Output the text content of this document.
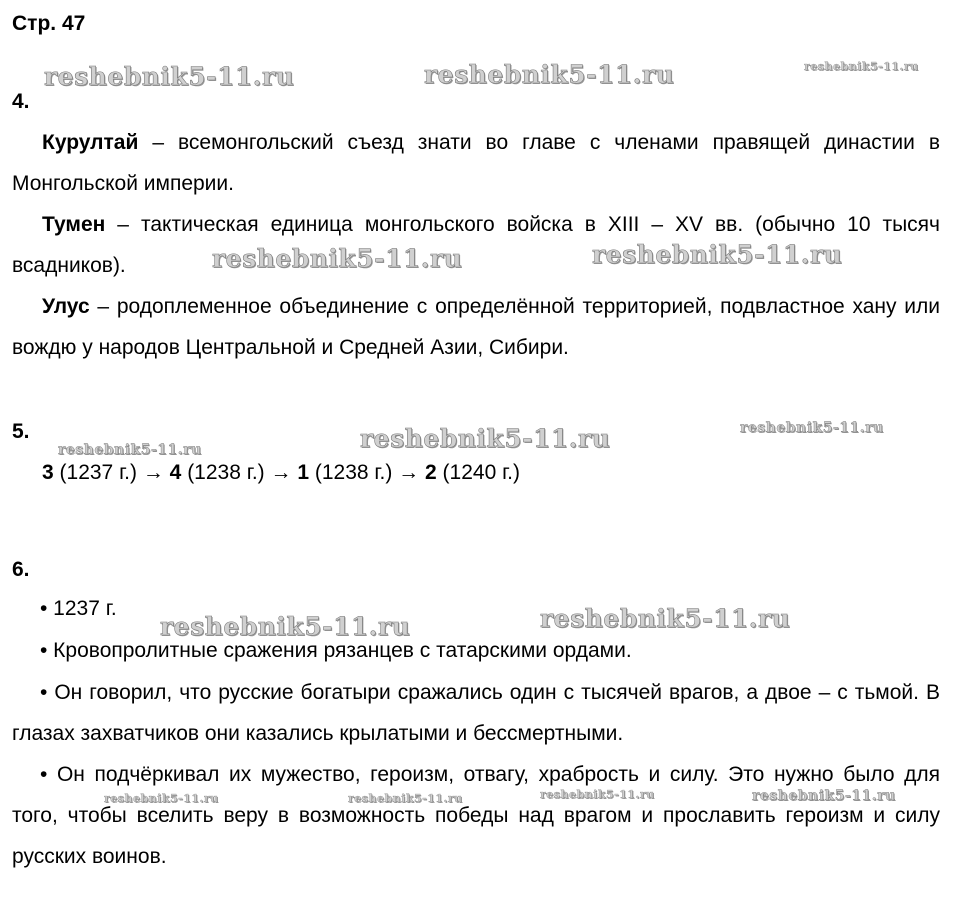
Стр. 47
4.
Курултай – всемонгольский съезд знати во главе с членами правящей династии в Монгольской империи.
Тумен – тактическая единица монгольского войска в XIII – XV вв. (обычно 10 тысяч всадников).
Улус – родоплеменное объединение с определённой территорией, подвластное хану или вождю у народов Центральной и Средней Азии, Сибири.
5.
3 (1237 г.) → 4 (1238 г.) → 1 (1238 г.) → 2 (1240 г.)
6.
• 1237 г.
• Кровопролитные сражения рязанцев с татарскими ордами.
• Он говорил, что русские богатыри сражались один с тысячей врагов, а двое – с тьмой. В глазах захватчиков они казались крылатыми и бессмертными.
• Он подчёркивал их мужество, героизм, отвагу, храбрость и силу. Это нужно было для того, чтобы вселить веру в возможность победы над врагом и прославить героизм и силу русских воинов.
reshebnik5-11.ru	reshebnik5-11.ru	reshebnik5-11.ru
reshebnik5-11.ru	reshebnik5-11.ru
reshebnik5-11.ru	reshebnik5-11.ru	reshebnik5-11.ru
reshebnik5-11.ru	reshebnik5-11.ru
reshebnik5-11.ru	reshebnik5-11.ru	reshebnik5-11.ru	reshebnik5-11.ru
